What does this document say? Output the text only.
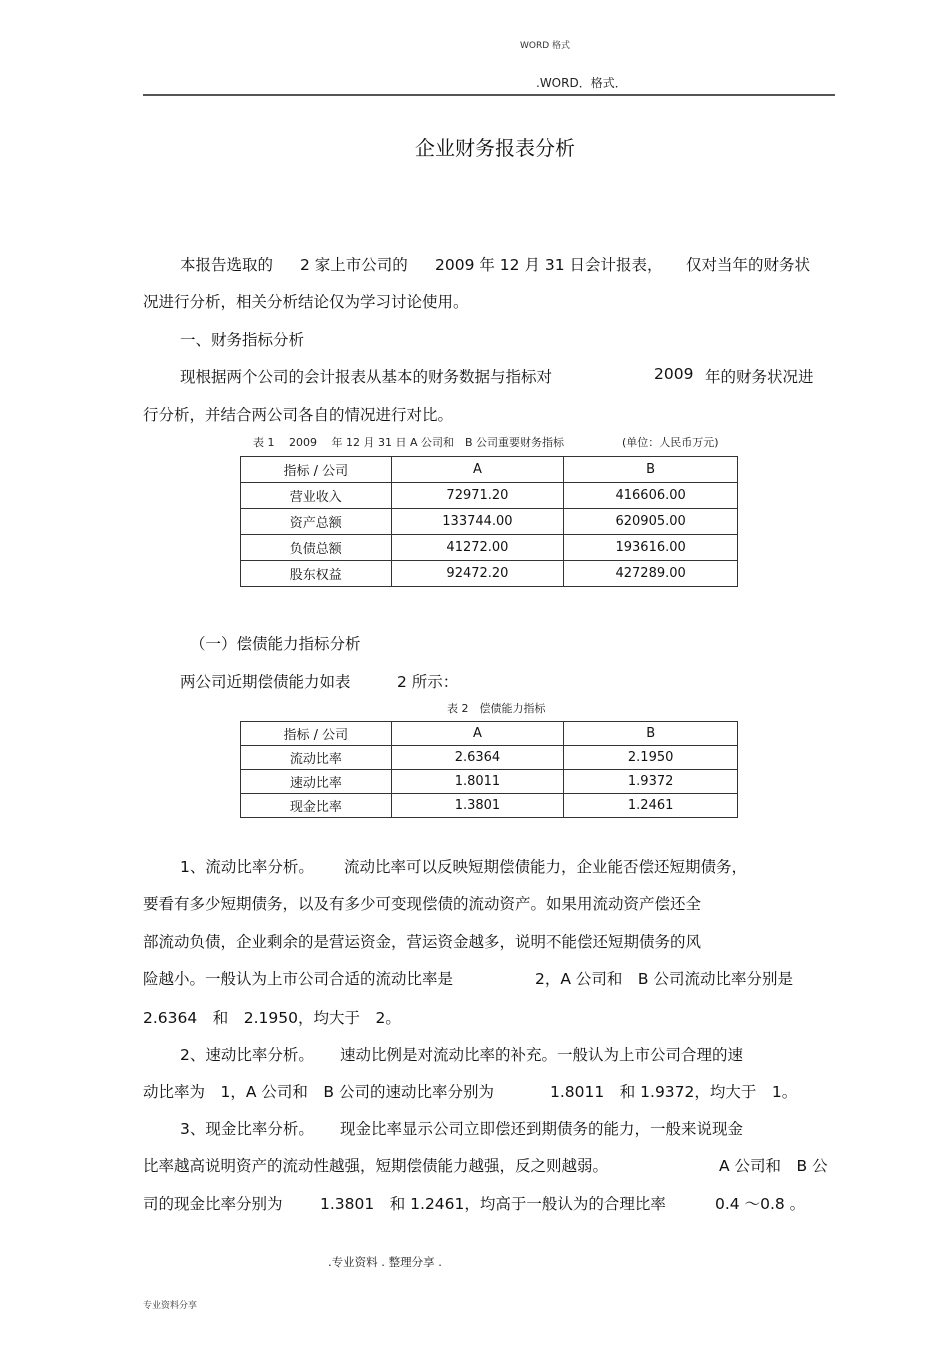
WORD 格式
.WORD．格式．
企业财务报表分析
本报告选取的 2 家上市公司的 2009 年 12 月 31 日会计报表， 仅对当年的财务状
况进行分析，相关分析结论仅为学习讨论使用。
一、财务指标分析
现根据两个公司的会计报表从基本的财务数据与指标对	2009 年的财务状况进
行分析，并结合两公司各自的情况进行对比。
表 1　 2009　 年 12 月 31 日 A 公司和　B 公司重要财务指标	(单位：人民币万元)
指标 / 公司	A	B
营业收入	72971.20	416606.00
资产总额	133744.00	620905.00
负债总额	41272.00	193616.00
股东权益	92472.20	427289.00
（一）偿债能力指标分析
两公司近期偿债能力如表	2 所示：
表 2　偿债能力指标
指标 / 公司	A	B
流动比率	2.6364	2.1950
速动比率	1.8011	1.9372
现金比率	1.3801	1.2461
1、流动比率分析。 流动比率可以反映短期偿债能力，企业能否偿还短期债务，
要看有多少短期债务，以及有多少可变现偿债的流动资产。如果用流动资产偿还全
部流动负债，企业剩余的是营运资金，营运资金越多，说明不能偿还短期债务的风
险越小。一般认为上市公司合适的流动比率是	2，A 公司和　B 公司流动比率分别是
2.6364　和　2.1950，均大于　2。
2、速动比率分析。 速动比例是对流动比率的补充。一般认为上市公司合理的速
动比率为　1，A 公司和　B 公司的速动比率分别为	1.8011　和 1.9372，均大于　1。
3、现金比率分析。 现金比率显示公司立即偿还到期债务的能力，一般来说现金
比率越高说明资产的流动性越强，短期偿债能力越强，反之则越弱。	A 公司和　B 公
司的现金比率分别为 1.3801　和 1.2461，均高于一般认为的合理比率	0.4 ～0.8 。
.专业资料 . 整理分享 .
专业资料分享
